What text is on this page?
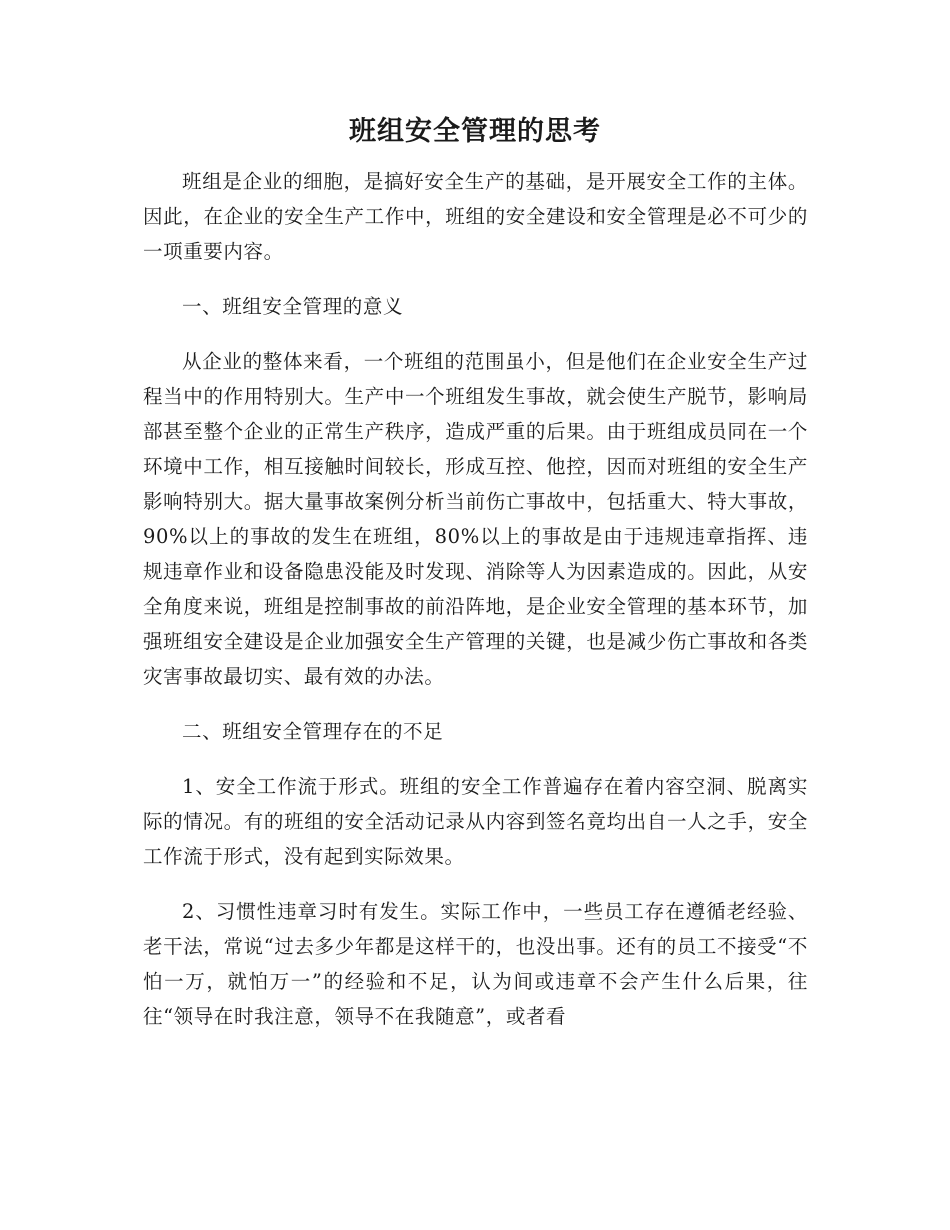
班组安全管理的思考

班组是企业的细胞，是搞好安全生产的基础，是开展安全工作的主体。因此，在企业的安全生产工作中，班组的安全建设和安全管理是必不可少的一项重要内容。

一、班组安全管理的意义

从企业的整体来看，一个班组的范围虽小，但是他们在企业安全生产过程当中的作用特别大。生产中一个班组发生事故，就会使生产脱节，影响局部甚至整个企业的正常生产秩序，造成严重的后果。由于班组成员同在一个环境中工作，相互接触时间较长，形成互控、他控，因而对班组的安全生产影响特别大。据大量事故案例分析当前伤亡事故中，包括重大、特大事故，90%以上的事故的发生在班组，80%以上的事故是由于违规违章指挥、违规违章作业和设备隐患没能及时发现、消除等人为因素造成的。因此，从安全角度来说，班组是控制事故的前沿阵地，是企业安全管理的基本环节，加强班组安全建设是企业加强安全生产管理的关键，也是减少伤亡事故和各类灾害事故最切实、最有效的办法。

二、班组安全管理存在的不足

1、安全工作流于形式。班组的安全工作普遍存在着内容空洞、脱离实际的情况。有的班组的安全活动记录从内容到签名竟均出自一人之手，安全工作流于形式，没有起到实际效果。

2、习惯性违章习时有发生。实际工作中，一些员工存在遵循老经验、老干法，常说“过去多少年都是这样干的，也没出事。还有的员工不接受“不怕一万，就怕万一”的经验和不足，认为间或违章不会产生什么后果，往往“领导在时我注意，领导不在我随意”，或者看
